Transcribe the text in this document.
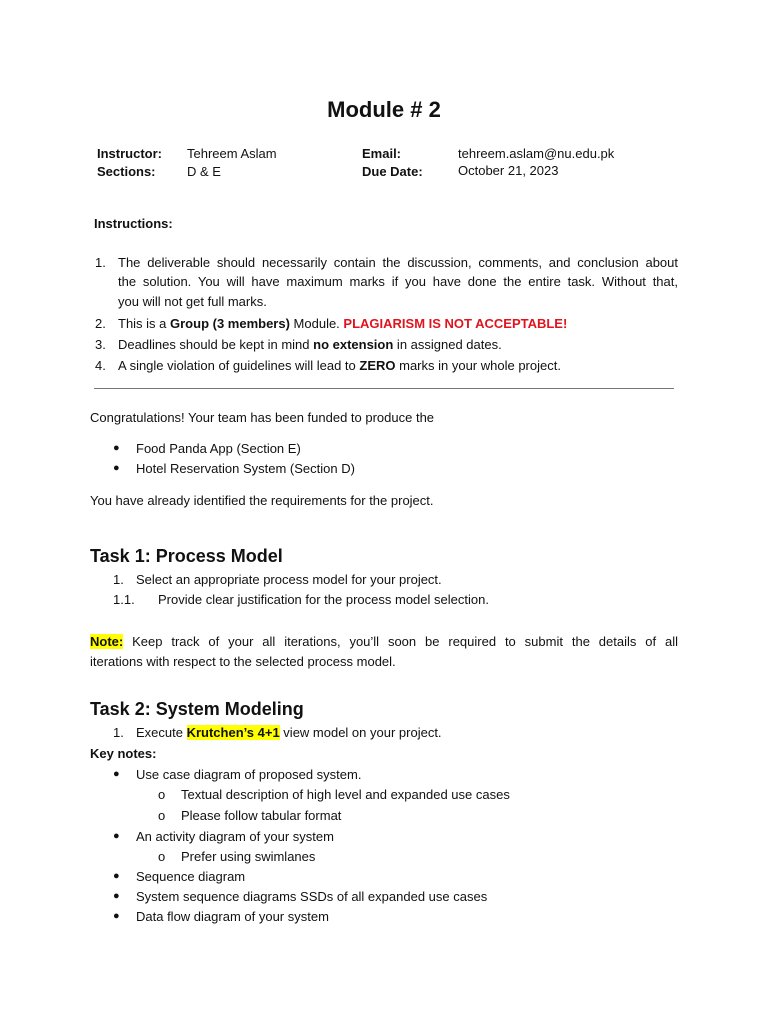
Module # 2
Instructor: Tehreem Aslam
Sections: D & E
Email:	tehreem.aslam@nu.edu.pk
Due Date:	October 21, 2023
Instructions:
1. The deliverable should necessarily contain the discussion, comments, and conclusion about
the solution. You will have maximum marks if you have done the entire task. Without that,
you will not get full marks.
2. This is a Group (3 members) Module. PLAGIARISM IS NOT ACCEPTABLE!
3. Deadlines should be kept in mind no extension in assigned dates.
4. A single violation of guidelines will lead to ZERO marks in your whole project.
Congratulations! Your team has been funded to produce the
● Food Panda App (Section E)
● Hotel Reservation System (Section D)
You have already identified the requirements for the project.
Task 1: Process Model
1. Select an appropriate process model for your project.
1.1. Provide clear justification for the process model selection.
Note: Keep track of your all iterations, you’ll soon be required to submit the details of all
iterations with respect to the selected process model.
Task 2: System Modeling
1. Execute Krutchen’s 4+1 view model on your project.
Key notes:
● Use case diagram of proposed system.
o Textual description of high level and expanded use cases
o Please follow tabular format
● An activity diagram of your system
o Prefer using swimlanes
● Sequence diagram
● System sequence diagrams SSDs of all expanded use cases
● Data flow diagram of your system
